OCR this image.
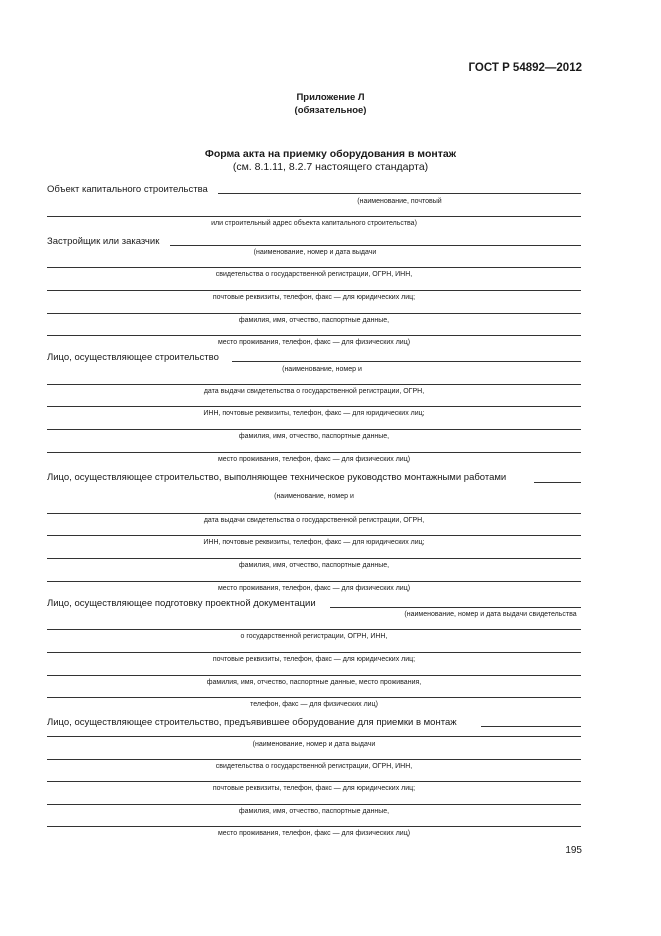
ГОСТ Р 54892—2012
Приложение Л
(обязательное)
Форма акта на приемку оборудования в монтаж
(см. 8.1.11, 8.2.7 настоящего стандарта)
Объект капитального строительства
(наименование, почтовый
или строительный адрес объекта капитального строительства)
Застройщик или заказчик
(наименование, номер и дата выдачи
свидетельства о государственной регистрации, ОГРН, ИНН,
почтовые реквизиты, телефон, факс — для юридических лиц;
фамилия, имя, отчество, паспортные данные,
место проживания, телефон, факс — для физических лиц)
Лицо, осуществляющее строительство
(наименование, номер и
дата выдачи свидетельства о государственной регистрации, ОГРН,
ИНН, почтовые реквизиты, телефон, факс — для юридических лиц;
фамилия, имя, отчество, паспортные данные,
место проживания, телефон, факс — для физических лиц)
Лицо, осуществляющее строительство, выполняющее техническое руководство монтажными работами
(наименование, номер и
дата выдачи свидетельства о государственной регистрации, ОГРН,
ИНН, почтовые реквизиты, телефон, факс — для юридических лиц;
фамилия, имя, отчество, паспортные данные,
место проживания, телефон, факс — для физических лиц)
Лицо, осуществляющее подготовку проектной документации
(наименование, номер и дата выдачи свидетельства
о государственной регистрации, ОГРН, ИНН,
почтовые реквизиты, телефон, факс — для юридических лиц;
фамилия, имя, отчество, паспортные данные, место проживания,
телефон, факс — для физических лиц)
Лицо, осуществляющее строительство, предъявившее оборудование для приемки в монтаж
(наименование, номер и дата выдачи
свидетельства о государственной регистрации, ОГРН, ИНН,
почтовые реквизиты, телефон, факс — для юридических лиц;
фамилия, имя, отчество, паспортные данные,
место проживания, телефон, факс — для физических лиц)
195
